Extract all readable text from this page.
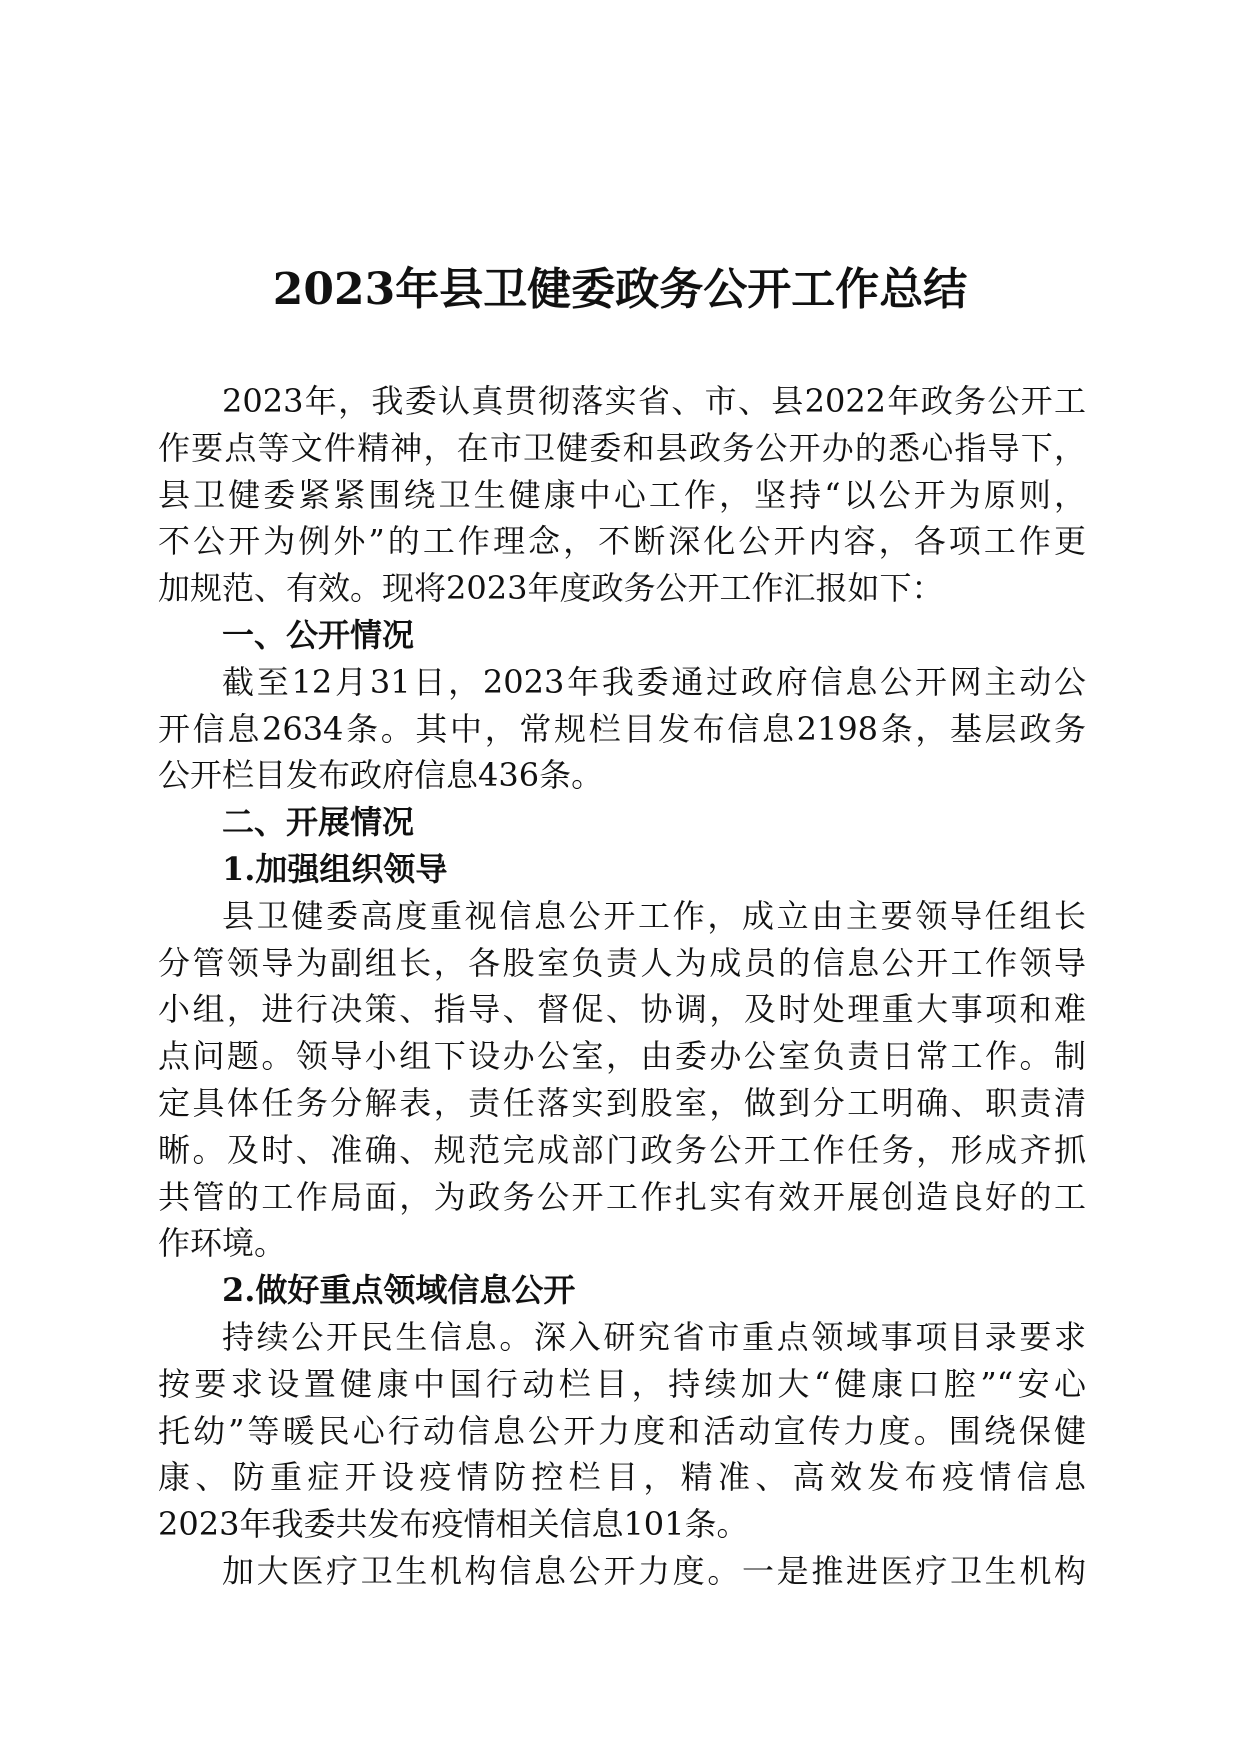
2023年县卫健委政务公开工作总结
2023年，我委认真贯彻落实省、市、县2022年政务公开工
作要点等文件精神，在市卫健委和县政务公开办的悉心指导下，
县卫健委紧紧围绕卫生健康中心工作，坚持“以公开为原则，
不公开为例外”的工作理念，不断深化公开内容，各项工作更
加规范、有效。现将2023年度政务公开工作汇报如下：
一、公开情况
截至12月31日，2023年我委通过政府信息公开网主动公
开信息2634条。其中，常规栏目发布信息2198条，基层政务
公开栏目发布政府信息436条。
二、开展情况
1.加强组织领导
县卫健委高度重视信息公开工作，成立由主要领导任组长
分管领导为副组长，各股室负责人为成员的信息公开工作领导
小组，进行决策、指导、督促、协调，及时处理重大事项和难
点问题。领导小组下设办公室，由委办公室负责日常工作。制
定具体任务分解表，责任落实到股室，做到分工明确、职责清
晰。及时、准确、规范完成部门政务公开工作任务，形成齐抓
共管的工作局面，为政务公开工作扎实有效开展创造良好的工
作环境。
2.做好重点领域信息公开
持续公开民生信息。深入研究省市重点领域事项目录要求
按要求设置健康中国行动栏目，持续加大“健康口腔”“安心
托幼”等暖民心行动信息公开力度和活动宣传力度。围绕保健
康、防重症开设疫情防控栏目，精准、高效发布疫情信息
2023年我委共发布疫情相关信息101条。
加大医疗卫生机构信息公开力度。一是推进医疗卫生机构
